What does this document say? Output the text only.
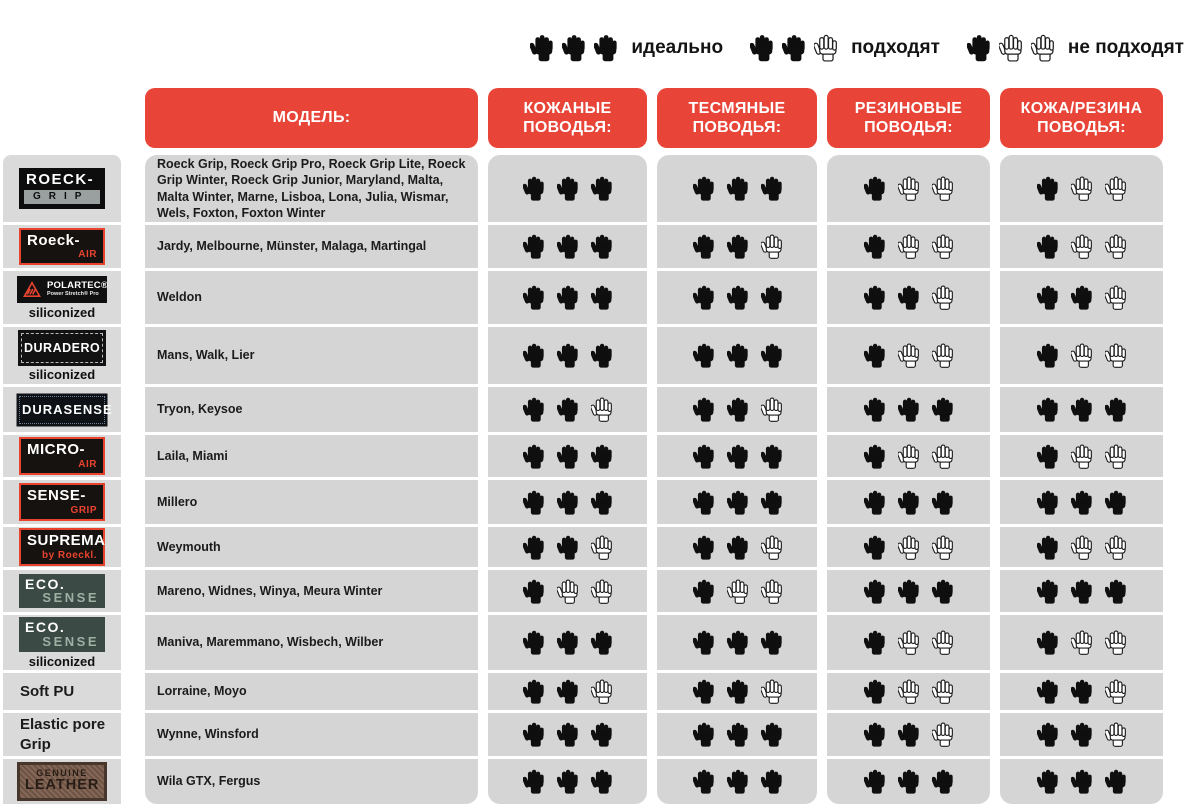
идеально	подходят	не подходят
МОДЕЛЬ:
КОЖАНЫЕ ПОВОДЬЯ:
ТЕСМЯНЫЕ ПОВОДЬЯ:
РЕЗИНОВЫЕ ПОВОДЬЯ:
КОЖА/РЕЗИНА ПОВОДЬЯ:
ROECK-
GRIP
Roeck-
AIR
POLARTEC®
Power Stretch® Pro
siliconized
DURADERO
siliconized
DURASENSE
MICRO-
AIR
SENSE-
GRIP
SUPREMA
by Roeckl.
ECO.
SENSE
ECO.
SENSE
siliconized
Soft PU
Elastic pore
Grip
GENUINE
LEATHER
Roeck Grip, Roeck Grip Pro, Roeck Grip Lite, Roeck Grip Winter, Roeck Grip Junior, Maryland, Malta, Malta Winter, Marne, Lisboa, Lona, Julia, Wismar, Wels, Foxton, Foxton Winter
Jardy, Melbourne, Münster, Malaga, Martingal
Weldon
Mans, Walk, Lier
Tryon, Keysoe
Laila, Miami
Millero
Weymouth
Mareno, Widnes, Winya, Meura Winter
Maniva, Maremmano, Wisbech, Wilber
Lorraine, Moyo
Wynne, Winsford
Wila GTX, Fergus
